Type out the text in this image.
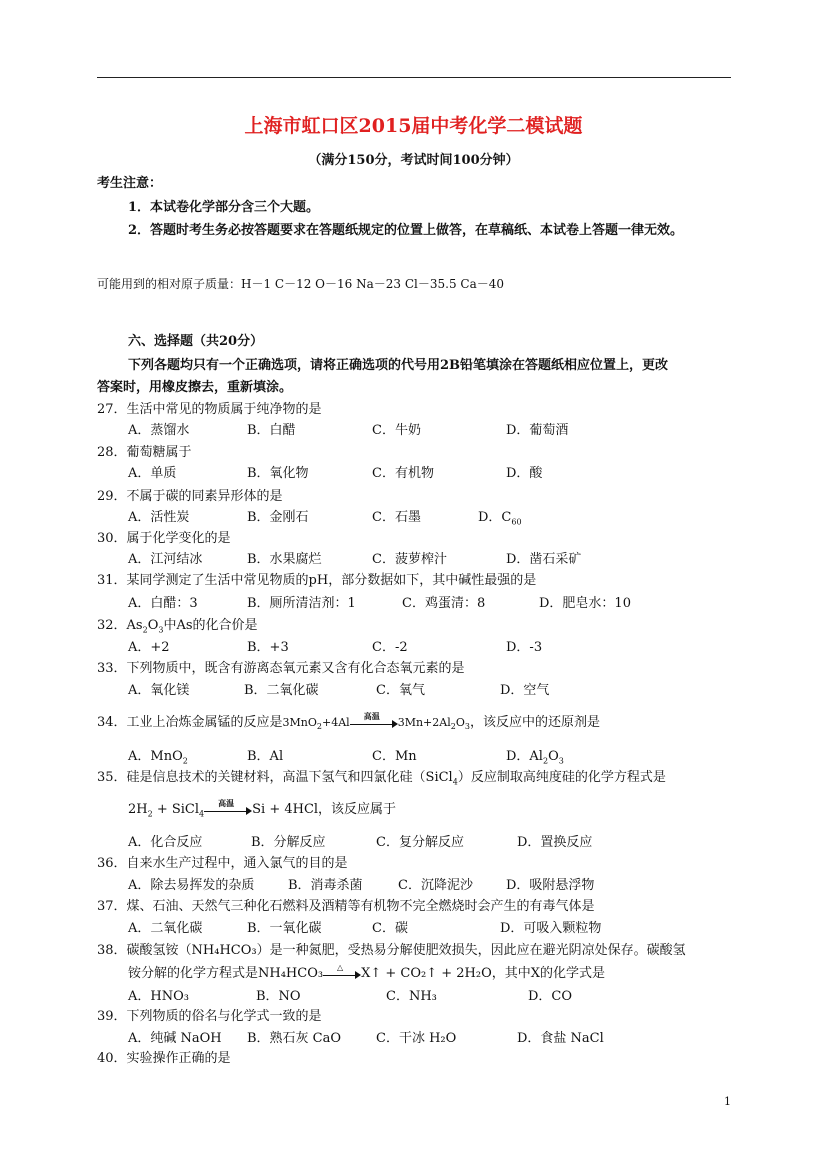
上海市虹口区2015届中考化学二模试题
（满分150分，考试时间100分钟）
考生注意：
1．本试卷化学部分含三个大题。
2．答题时考生务必按答题要求在答题纸规定的位置上做答，在草稿纸、本试卷上答题一律无效。
可能用到的相对原子质量：H－1 C－12 O－16 Na－23 Cl－35.5 Ca－40
六、选择题（共20分）
下列各题均只有一个正确选项，请将正确选项的代号用2B铅笔填涂在答题纸相应位置上，更改
答案时，用橡皮擦去，重新填涂。
27．生活中常见的物质属于纯净物的是
A．蒸馏水	B．白醋	C．牛奶	D．葡萄酒
28．葡萄糖属于
A．单质	B．氧化物	C．有机物	D．酸
29．不属于碳的同素异形体的是
A．活性炭	B．金刚石	C．石墨	D．$C_{60}$
30．属于化学变化的是
A．江河结冰	B．水果腐烂	C．菠萝榨汁	D．凿石采矿
31．某同学测定了生活中常见物质的pH，部分数据如下，其中碱性最强的是
A．白醋：3	B．厕所清洁剂：1	C．鸡蛋清：8	D．肥皂水：10
32．$As_2O_3$中As的化合价是
A．+2	B．+3	C．-2	D．-3
33．下列物质中，既含有游离态氧元素又含有化合态氧元素的是
A．氧化镁	B．二氧化碳	C．氧气	D．空气
34．工业上冶炼金属锰的反应是3MnO$_2$+4Al
高温
$3Mn+2Al_2O_3$，该反应中的还原剂是
A．MnO$_2$	B．Al	C．Mn	D．$Al_2O_3$
35．硅是信息技术的关键材料，高温下氢气和四氯化硅（SiCl$_4$）反应制取高纯度硅的化学方程式是
$2H_2$ + SiCl$_4$
高温	Si + 4HCl，该反应属于
A．化合反应	B．分解反应	C．复分解反应	D．置换反应
36．自来水生产过程中，通入氯气的目的是
A．除去易挥发的杂质	B．消毒杀菌	C．沉降泥沙	D．吸附悬浮物
37．煤、石油、天然气三种化石燃料及酒精等有机物不完全燃烧时会产生的有毒气体是
A．二氧化碳	B．一氧化碳	C．碳	D．可吸入颗粒物
38．碳酸氢铵（NH₄HCO₃）是一种氮肥，受热易分解使肥效损失，因此应在避光阴凉处保存。碳酸氢
铵分解的化学方程式是NH₄HCO₃	△	X↑ + CO₂↑ + 2H₂O，其中X的化学式是
A．HNO₃	B．NO	C．NH₃	D．CO
39．下列物质的俗名与化学式一致的是
A．纯碱 NaOH B．熟石灰 CaO	C．干冰 H₂O	D．食盐 NaCl
40．实验操作正确的是
1
